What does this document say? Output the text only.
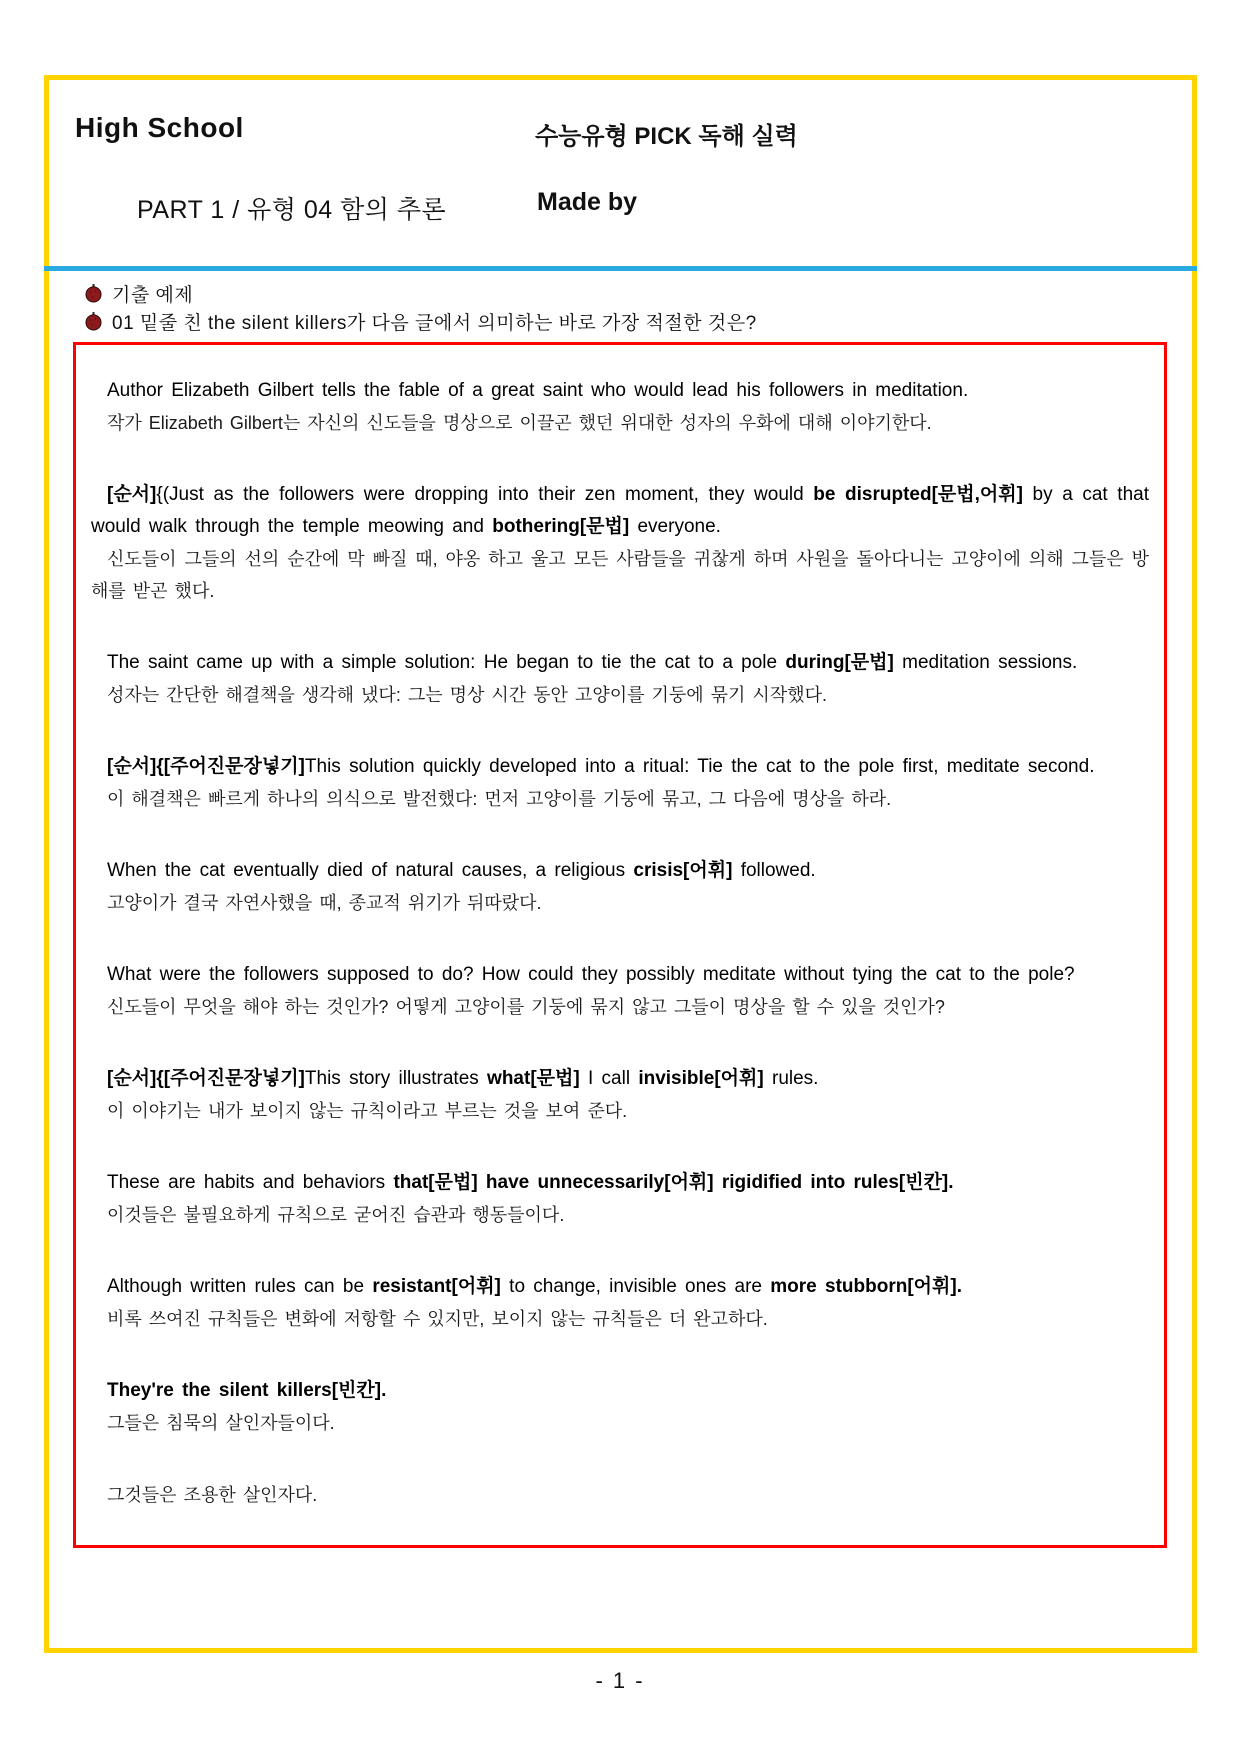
High School	수능유형 PICK 독해 실력
PART 1 / 유형 04 함의 추론	Made by
기출 예제
01 밑줄 친 the silent killers가 다음 글에서 의미하는 바로 가장 적절한 것은?
Author Elizabeth Gilbert tells the fable of a great saint who would lead his followers in meditation.
작가 Elizabeth Gilbert는 자신의 신도들을 명상으로 이끌곤 했던 위대한 성자의 우화에 대해 이야기한다.
[순서]{(Just as the followers were dropping into their zen moment, they would be disrupted[문법,어휘] by a cat that would walk through the temple meowing and bothering[문법] everyone.
신도들이 그들의 선의 순간에 막 빠질 때, 야옹 하고 울고 모든 사람들을 귀찮게 하며 사원을 돌아다니는 고양이에 의해 그들은 방해를 받곤 했다.
The saint came up with a simple solution: He began to tie the cat to a pole during[문법] meditation sessions.
성자는 간단한 해결책을 생각해 냈다: 그는 명상 시간 동안 고양이를 기둥에 묶기 시작했다.
[순서]{[주어진문장넣기]This solution quickly developed into a ritual: Tie the cat to the pole first, meditate second.
이 해결책은 빠르게 하나의 의식으로 발전했다: 먼저 고양이를 기둥에 묶고, 그 다음에 명상을 하라.
When the cat eventually died of natural causes, a religious crisis[어휘] followed.
고양이가 결국 자연사했을 때, 종교적 위기가 뒤따랐다.
What were the followers supposed to do? How could they possibly meditate without tying the cat to the pole?
신도들이 무엇을 해야 하는 것인가? 어떻게 고양이를 기둥에 묶지 않고 그들이 명상을 할 수 있을 것인가?
[순서]{[주어진문장넣기]This story illustrates what[문법] I call invisible[어휘] rules.
이 이야기는 내가 보이지 않는 규칙이라고 부르는 것을 보여 준다.
These are habits and behaviors that[문법] have unnecessarily[어휘] rigidified into rules[빈칸].
이것들은 불필요하게 규칙으로 굳어진 습관과 행동들이다.
Although written rules can be resistant[어휘] to change, invisible ones are more stubborn[어휘].
비록 쓰여진 규칙들은 변화에 저항할 수 있지만, 보이지 않는 규칙들은 더 완고하다.
They're the silent killers[빈칸].
그들은 침묵의 살인자들이다.
그것들은 조용한 살인자다.
- 1 -
